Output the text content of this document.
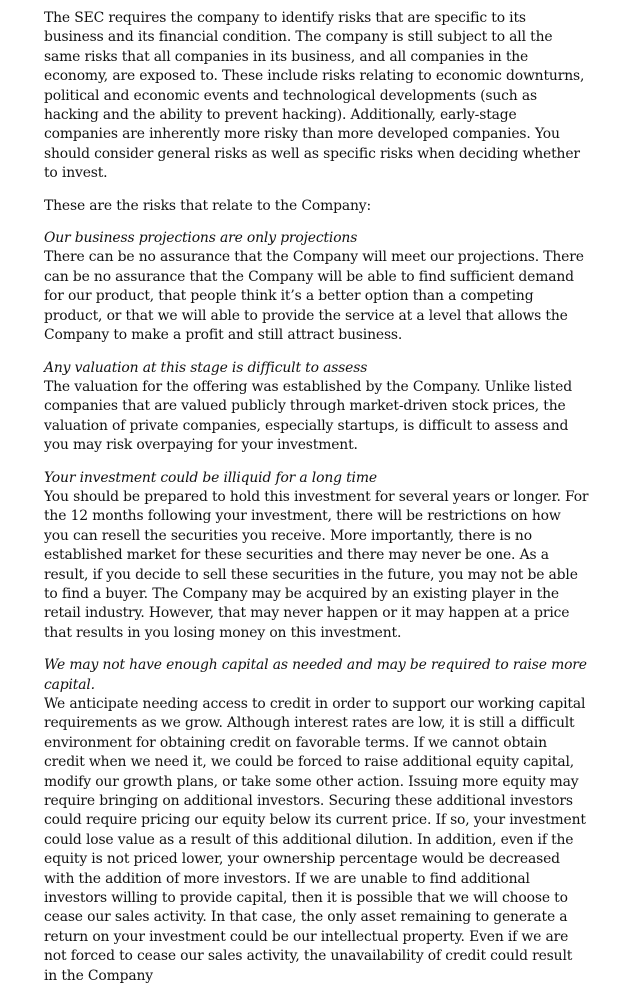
The SEC requires the company to identify risks that are specific to its business and its financial condition. The company is still subject to all the same risks that all companies in its business, and all companies in the economy, are exposed to. These include risks relating to economic downturns, political and economic events and technological developments (such as hacking and the ability to prevent hacking). Additionally, early-stage companies are inherently more risky than more developed companies. You should consider general risks as well as specific risks when deciding whether to invest.

These are the risks that relate to the Company:

Our business projections are only projections

There can be no assurance that the Company will meet our projections. There can be no assurance that the Company will be able to find sufficient demand for our product, that people think it’s a better option than a competing product, or that we will able to provide the service at a level that allows the Company to make a profit and still attract business.

Any valuation at this stage is difficult to assess

The valuation for the offering was established by the Company. Unlike listed companies that are valued publicly through market-driven stock prices, the valuation of private companies, especially startups, is difficult to assess and you may risk overpaying for your investment.

Your investment could be illiquid for a long time

You should be prepared to hold this investment for several years or longer. For the 12 months following your investment, there will be restrictions on how you can resell the securities you receive. More importantly, there is no established market for these securities and there may never be one. As a result, if you decide to sell these securities in the future, you may not be able to find a buyer. The Company may be acquired by an existing player in the retail industry. However, that may never happen or it may happen at a price that results in you losing money on this investment.

We may not have enough capital as needed and may be required to raise more capital.

We anticipate needing access to credit in order to support our working capital requirements as we grow. Although interest rates are low, it is still a difficult environment for obtaining credit on favorable terms. If we cannot obtain credit when we need it, we could be forced to raise additional equity capital, modify our growth plans, or take some other action. Issuing more equity may require bringing on additional investors. Securing these additional investors could require pricing our equity below its current price. If so, your investment could lose value as a result of this additional dilution. In addition, even if the equity is not priced lower, your ownership percentage would be decreased with the addition of more investors. If we are unable to find additional investors willing to provide capital, then it is possible that we will choose to cease our sales activity. In that case, the only asset remaining to generate a return on your investment could be our intellectual property. Even if we are not forced to cease our sales activity, the unavailability of credit could result in the Company
